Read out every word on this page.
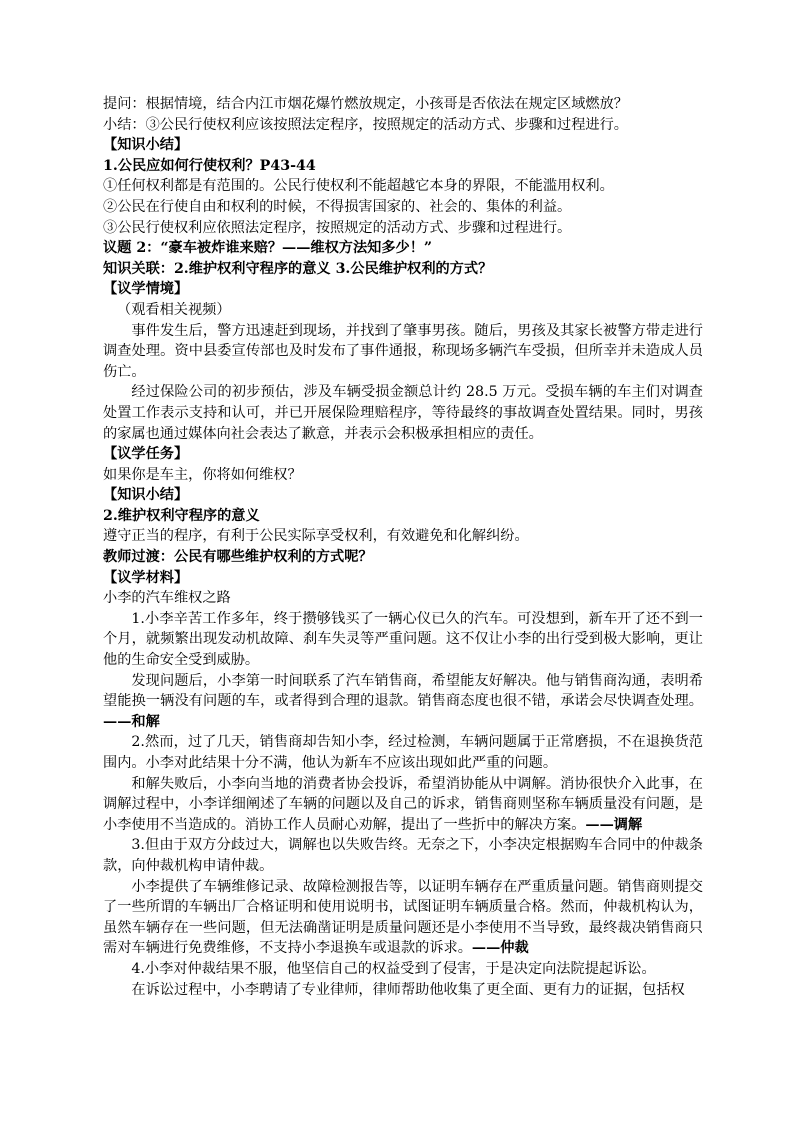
提问：根据情境，结合内江市烟花爆竹燃放规定，小孩哥是否依法在规定区域燃放？

小结：③公民行使权利应该按照法定程序，按照规定的活动方式、步骤和过程进行。

【知识小结】

1.公民应如何行使权利？P43-44

①任何权利都是有范围的。公民行使权利不能超越它本身的界限，不能滥用权利。

②公民在行使自由和权利的时候，不得损害国家的、社会的、集体的利益。

③公民行使权利应依照法定程序，按照规定的活动方式、步骤和过程进行。

议题 2：“豪车被炸谁来赔？——维权方法知多少！”

知识关联：2.维护权利守程序的意义 3.公民维护权利的方式？

【议学情境】

（观看相关视频）

事件发生后，警方迅速赶到现场，并找到了肇事男孩。随后，男孩及其家长被警方带走进行调查处理。资中县委宣传部也及时发布了事件通报，称现场多辆汽车受损，但所幸并未造成人员伤亡。

经过保险公司的初步预估，涉及车辆受损金额总计约 28.5 万元。受损车辆的车主们对调查处置工作表示支持和认可，并已开展保险理赔程序，等待最终的事故调查处置结果。同时，男孩的家属也通过媒体向社会表达了歉意，并表示会积极承担相应的责任。

【议学任务】

如果你是车主，你将如何维权？

【知识小结】

2.维护权利守程序的意义

遵守正当的程序，有利于公民实际享受权利，有效避免和化解纠纷。

教师过渡：公民有哪些维护权利的方式呢？

【议学材料】

小李的汽车维权之路

1.小李辛苦工作多年，终于攒够钱买了一辆心仪已久的汽车。可没想到，新车开了还不到一个月，就频繁出现发动机故障、刹车失灵等严重问题。这不仅让小李的出行受到极大影响，更让他的生命安全受到威胁。

发现问题后，小李第一时间联系了汽车销售商，希望能友好解决。他与销售商沟通，表明希望能换一辆没有问题的车，或者得到合理的退款。销售商态度也很不错，承诺会尽快调查处理。——和解

2.然而，过了几天，销售商却告知小李，经过检测，车辆问题属于正常磨损，不在退换货范围内。小李对此结果十分不满，他认为新车不应该出现如此严重的问题。

和解失败后，小李向当地的消费者协会投诉，希望消协能从中调解。消协很快介入此事，在调解过程中，小李详细阐述了车辆的问题以及自己的诉求，销售商则坚称车辆质量没有问题，是小李使用不当造成的。消协工作人员耐心劝解，提出了一些折中的解决方案。——调解

3.但由于双方分歧过大，调解也以失败告终。无奈之下，小李决定根据购车合同中的仲裁条款，向仲裁机构申请仲裁。

小李提供了车辆维修记录、故障检测报告等，以证明车辆存在严重质量问题。销售商则提交了一些所谓的车辆出厂合格证明和使用说明书，试图证明车辆质量合格。然而，仲裁机构认为，虽然车辆存在一些问题，但无法确凿证明是质量问题还是小李使用不当导致，最终裁决销售商只需对车辆进行免费维修，不支持小李退换车或退款的诉求。——仲裁

4.小李对仲裁结果不服，他坚信自己的权益受到了侵害，于是决定向法院提起诉讼。

在诉讼过程中，小李聘请了专业律师，律师帮助他收集了更全面、更有力的证据，包括权
